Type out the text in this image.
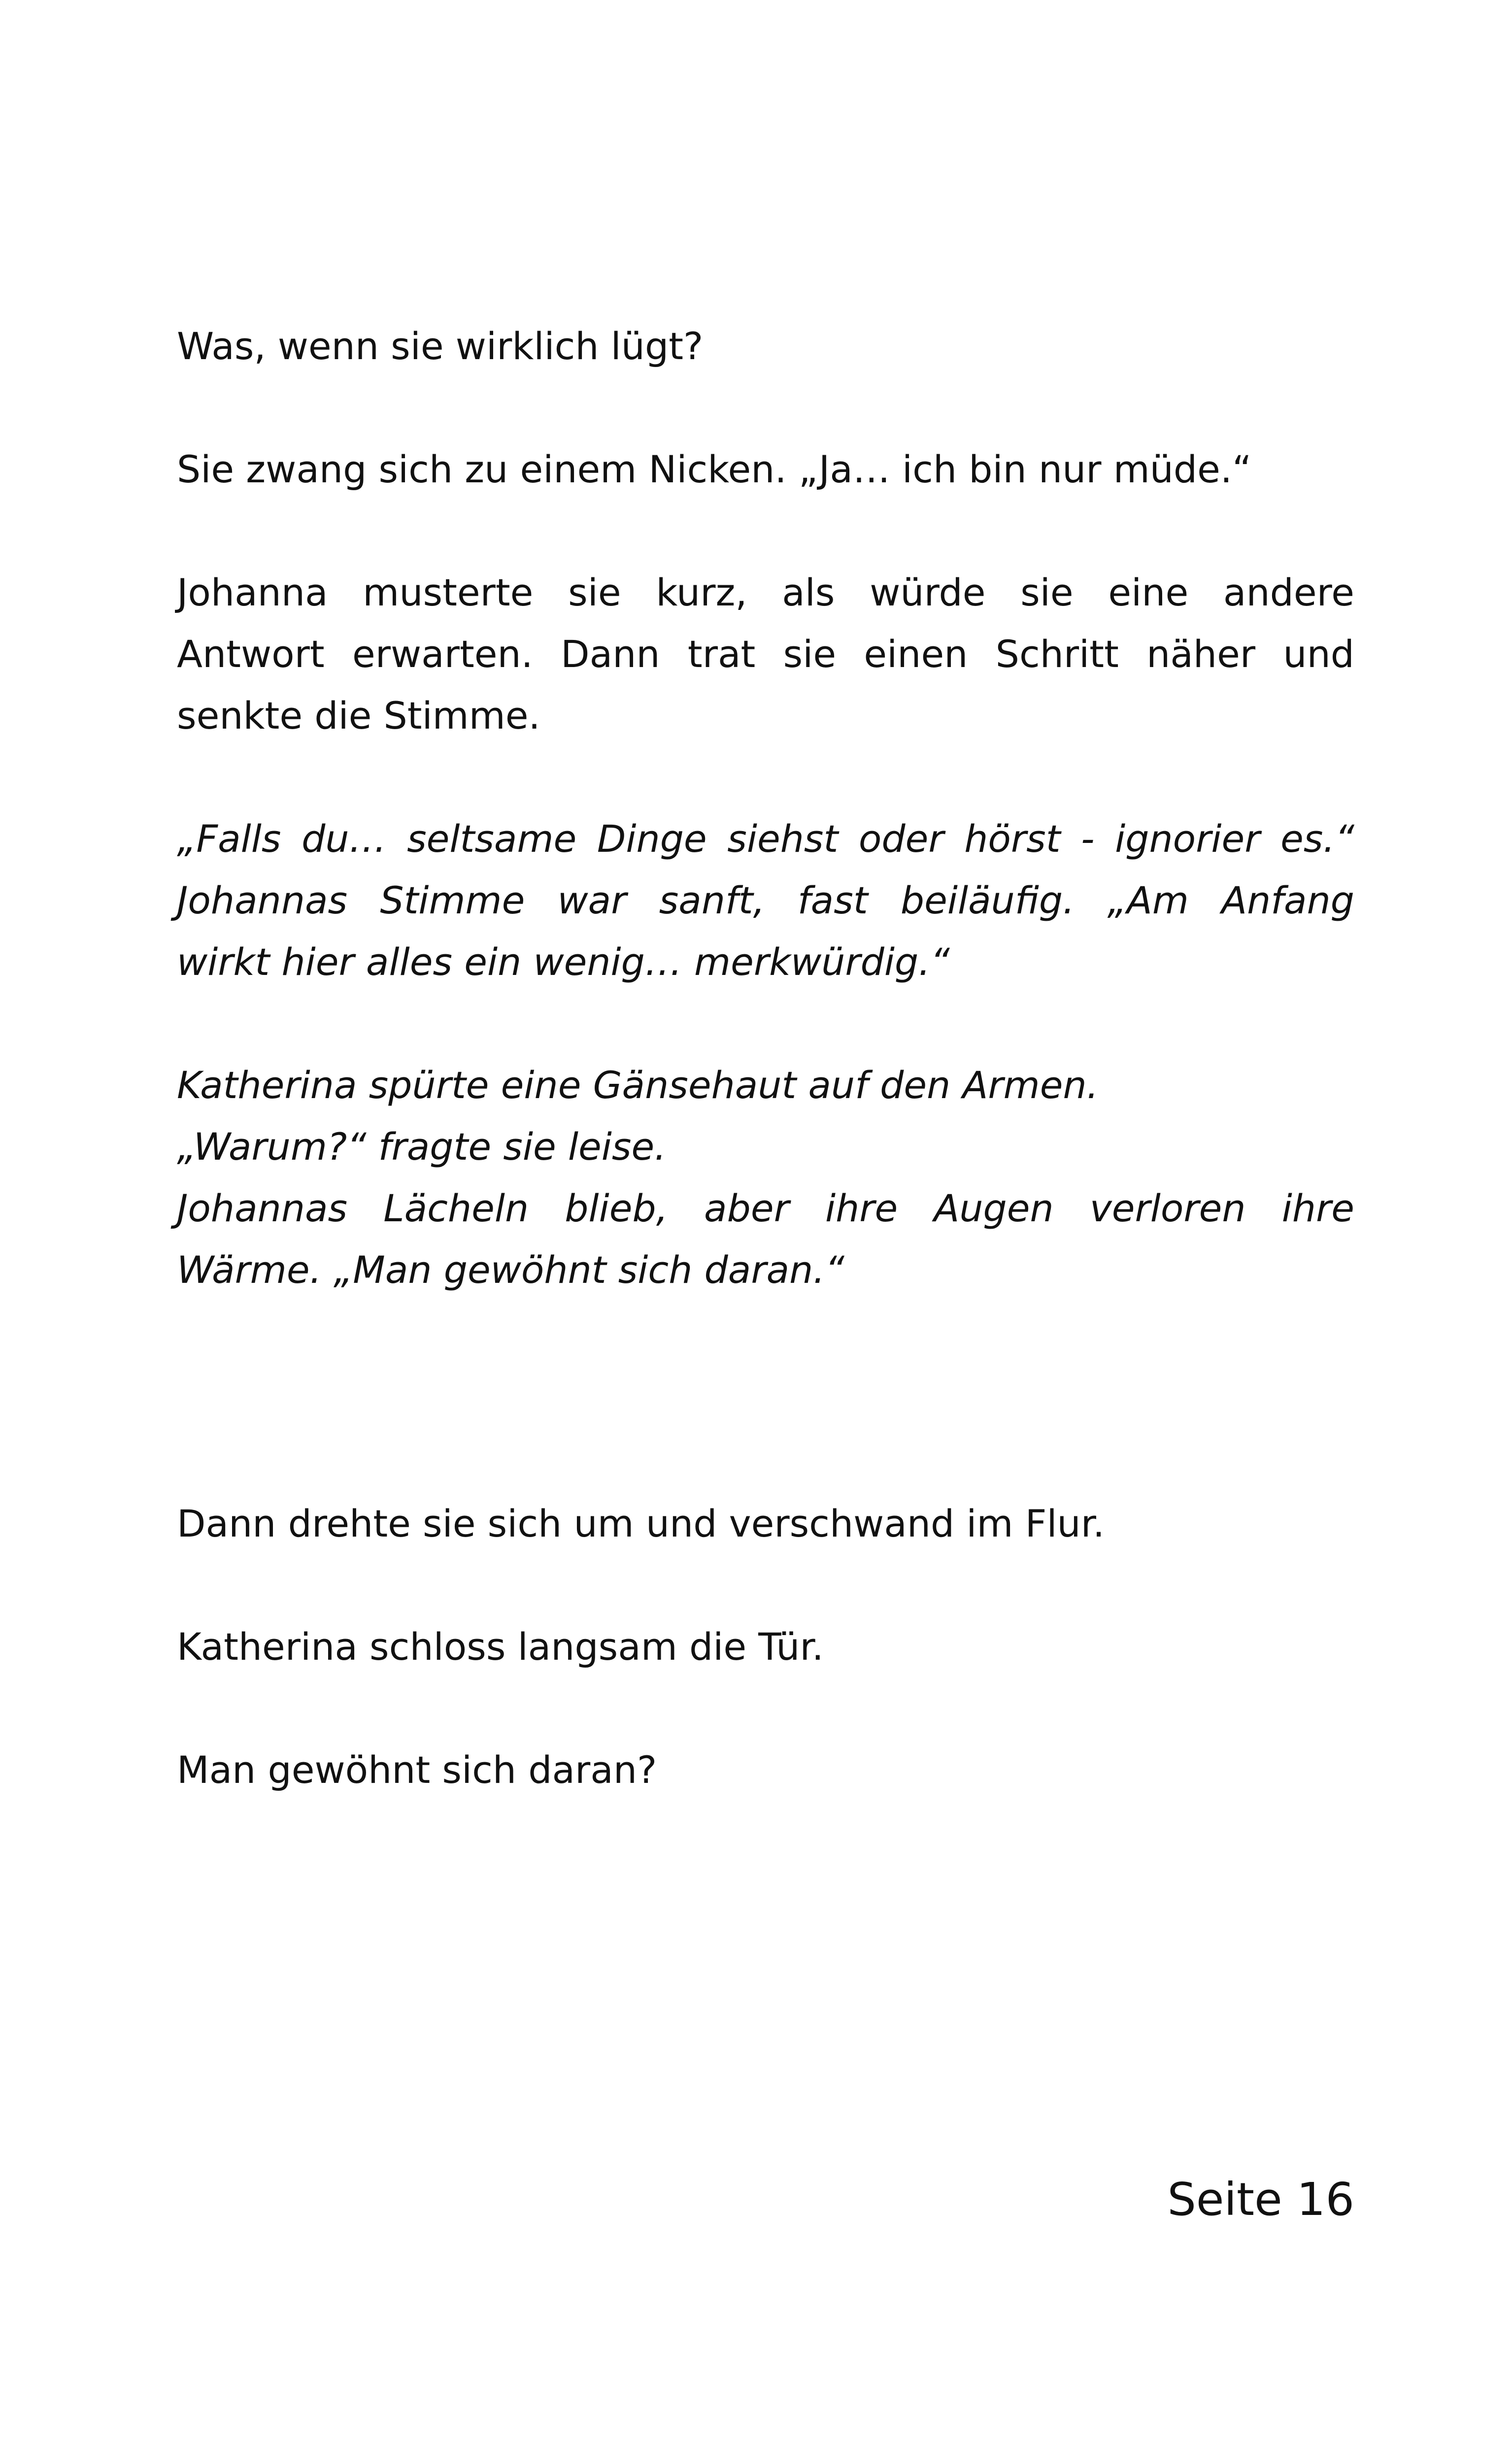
Was, wenn sie wirklich lügt?

Sie zwang sich zu einem Nicken. „Ja… ich bin nur müde.“

Johanna musterte sie kurz, als würde sie eine andere
Antwort erwarten. Dann trat sie einen Schritt näher und
senkte die Stimme.

„Falls du… seltsame Dinge siehst oder hörst - ignorier es.“
Johannas Stimme war sanft, fast beiläufig. „Am Anfang
wirkt hier alles ein wenig… merkwürdig.“

Katherina spürte eine Gänsehaut auf den Armen.
„Warum?“ fragte sie leise.
Johannas Lächeln blieb, aber ihre Augen verloren ihre
Wärme. „Man gewöhnt sich daran.“

Dann drehte sie sich um und verschwand im Flur.

Katherina schloss langsam die Tür.

Man gewöhnt sich daran?

Seite 16
